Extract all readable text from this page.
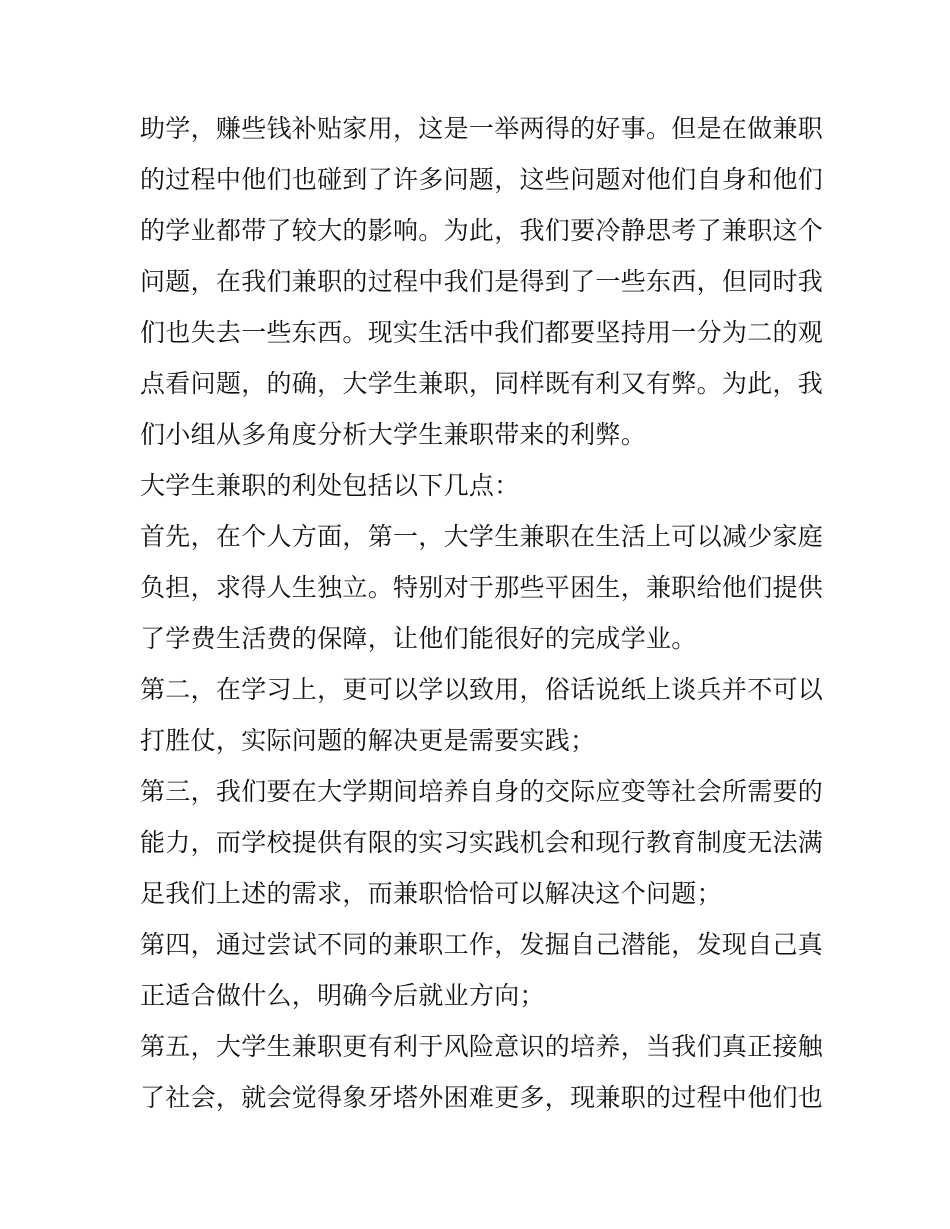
助学，赚些钱补贴家用，这是一举两得的好事。但是在做兼职
的过程中他们也碰到了许多问题，这些问题对他们自身和他们
的学业都带了较大的影响。为此，我们要冷静思考了兼职这个
问题，在我们兼职的过程中我们是得到了一些东西，但同时我
们也失去一些东西。现实生活中我们都要坚持用一分为二的观
点看问题，的确，大学生兼职，同样既有利又有弊。为此，我
们小组从多角度分析大学生兼职带来的利弊。
大学生兼职的利处包括以下几点：
首先，在个人方面，第一，大学生兼职在生活上可以减少家庭
负担，求得人生独立。特别对于那些平困生，兼职给他们提供
了学费生活费的保障，让他们能很好的完成学业。
第二，在学习上，更可以学以致用，俗话说纸上谈兵并不可以
打胜仗，实际问题的解决更是需要实践；
第三，我们要在大学期间培养自身的交际应变等社会所需要的
能力，而学校提供有限的实习实践机会和现行教育制度无法满
足我们上述的需求，而兼职恰恰可以解决这个问题；
第四，通过尝试不同的兼职工作，发掘自己潜能，发现自己真
正适合做什么，明确今后就业方向；
第五，大学生兼职更有利于风险意识的培养，当我们真正接触
了社会，就会觉得象牙塔外困难更多，现兼职的过程中他们也
